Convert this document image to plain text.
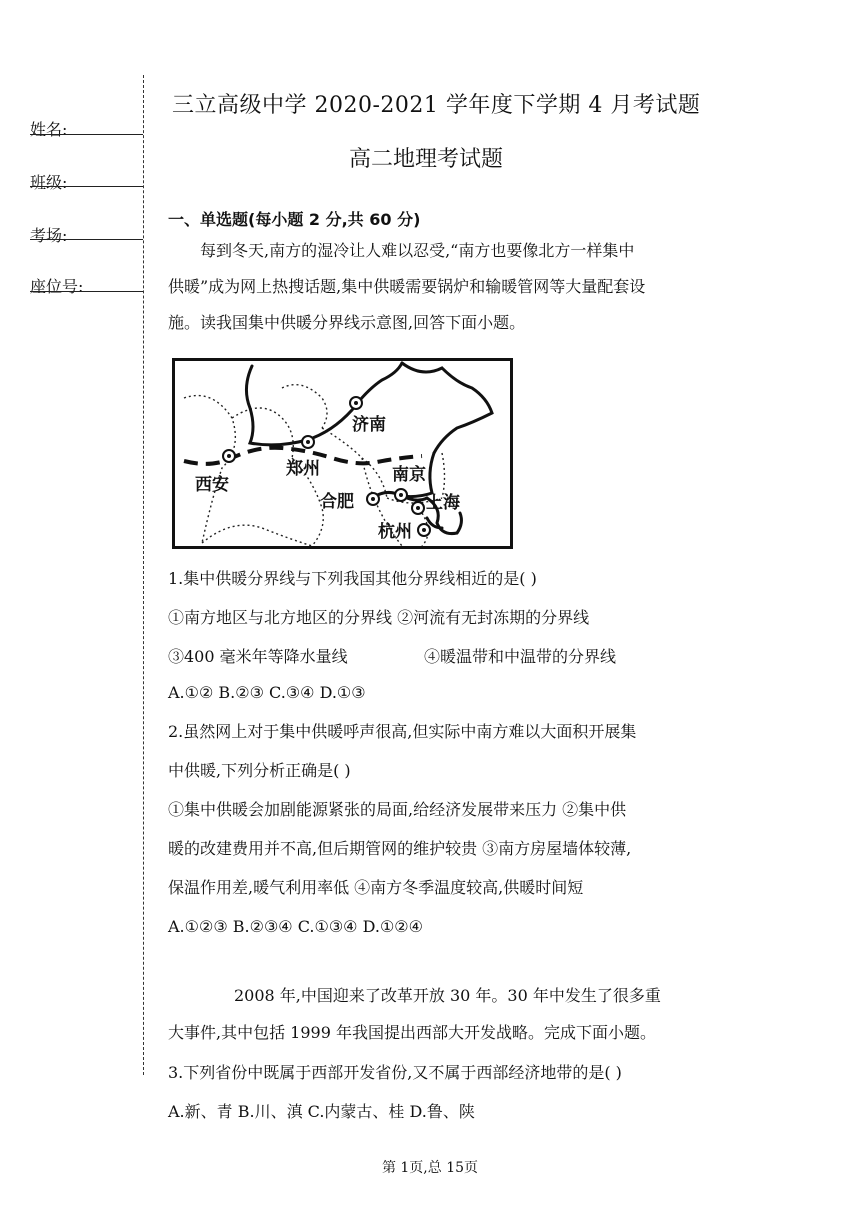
姓名:
班级:
考场:
座位号:
三立高级中学 2020-2021 学年度下学期 4 月考试题
高二地理考试题
一、单选题(每小题 2 分,共 60 分)
每到冬天,南方的湿冷让人难以忍受,“南方也要像北方一样集中
供暖”成为网上热搜话题,集中供暖需要锅炉和输暖管网等大量配套设
施。读我国集中供暖分界线示意图,回答下面小题。
济南
西安
郑州
合肥
南京
上海
杭州
1.集中供暖分界线与下列我国其他分界线相近的是( )
①南方地区与北方地区的分界线 ②河流有无封冻期的分界线
③400 毫米年等降水量线	④暖温带和中温带的分界线
A.①② B.②③ C.③④ D.①③
2.虽然网上对于集中供暖呼声很高,但实际中南方难以大面积开展集
中供暖,下列分析正确是( )
①集中供暖会加剧能源紧张的局面,给经济发展带来压力 ②集中供
暖的改建费用并不高,但后期管网的维护较贵 ③南方房屋墙体较薄,
保温作用差,暖气利用率低 ④南方冬季温度较高,供暖时间短
A.①②③ B.②③④ C.①③④ D.①②④
2008 年,中国迎来了改革开放 30 年。30 年中发生了很多重
大事件,其中包括 1999 年我国提出西部大开发战略。完成下面小题。
3.下列省份中既属于西部开发省份,又不属于西部经济地带的是( )
A.新、青 B.川、滇 C.内蒙古、桂 D.鲁、陕
第 1页,总 15页
